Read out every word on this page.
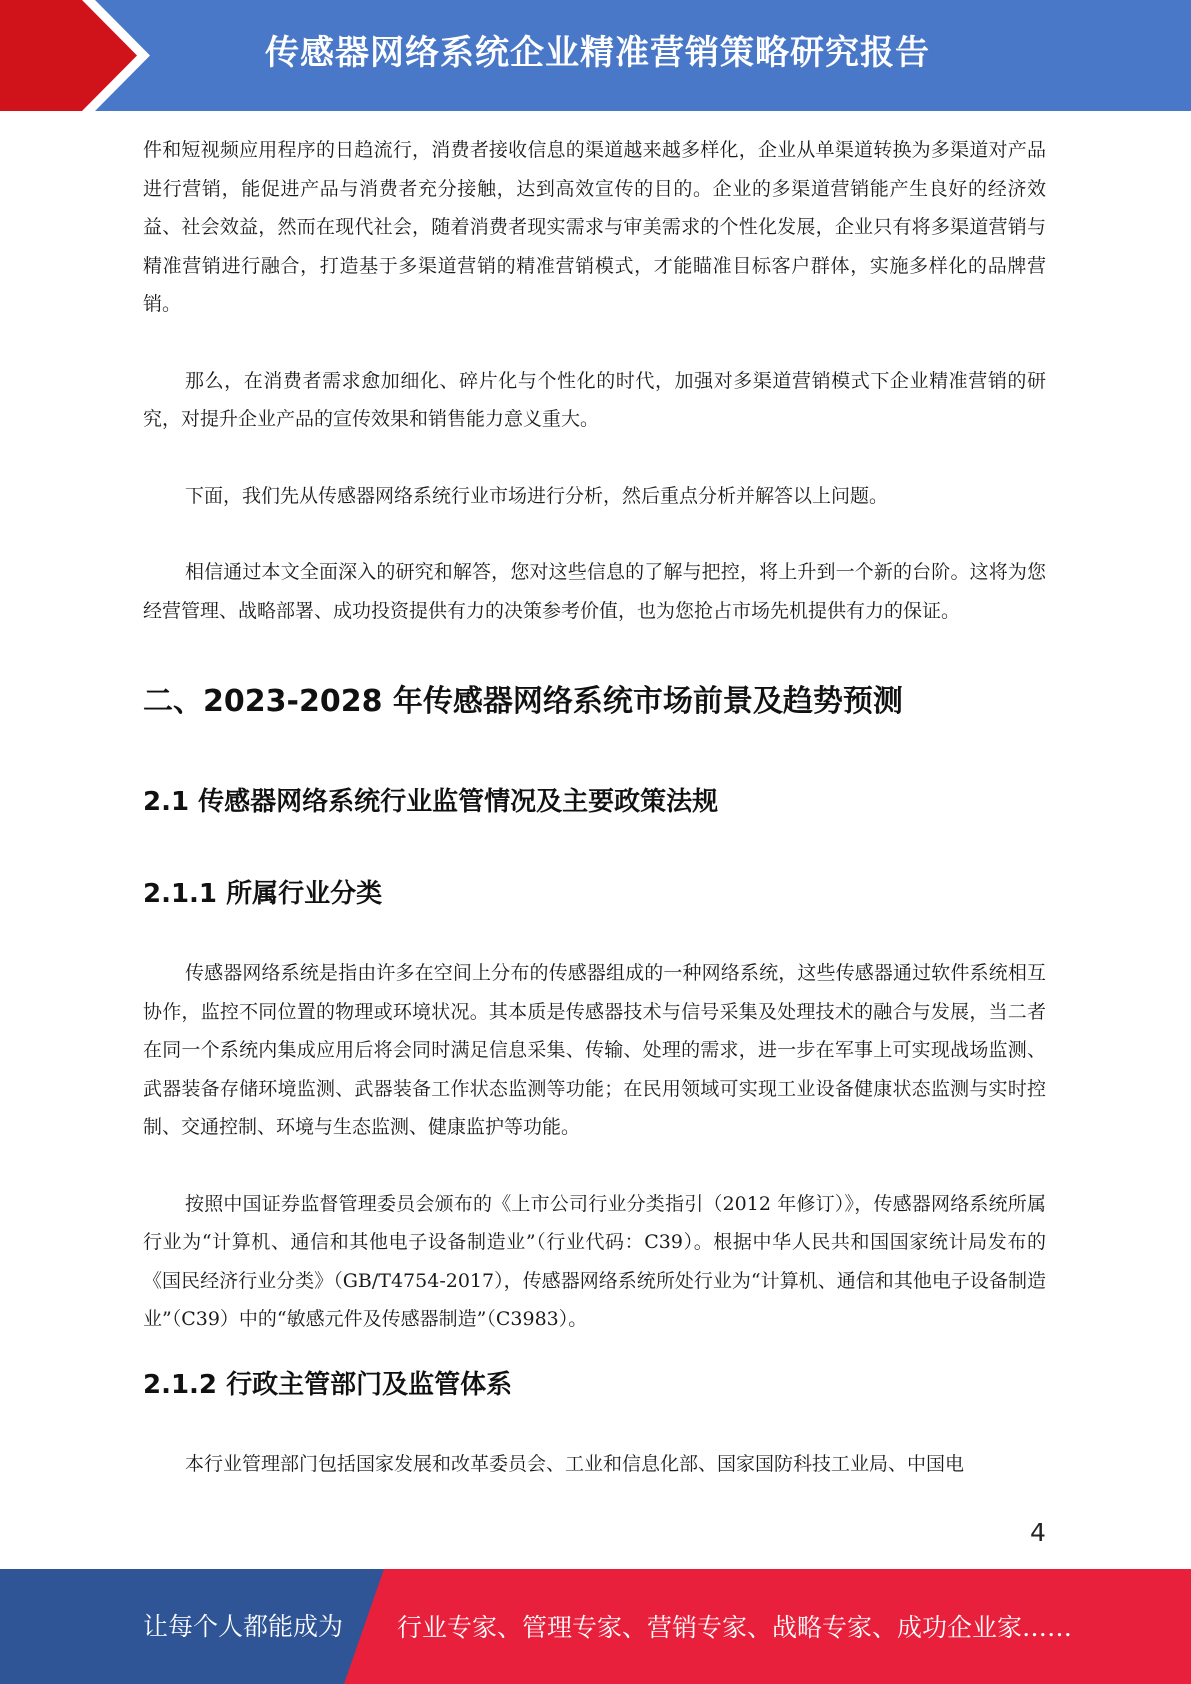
传感器网络系统企业精准营销策略研究报告

件和短视频应用程序的日趋流行，消费者接收信息的渠道越来越多样化，企业从单渠道转换为多渠道对产品进行营销，能促进产品与消费者充分接触，达到高效宣传的目的。企业的多渠道营销能产生良好的经济效益、社会效益，然而在现代社会，随着消费者现实需求与审美需求的个性化发展，企业只有将多渠道营销与精准营销进行融合，打造基于多渠道营销的精准营销模式，才能瞄准目标客户群体，实施多样化的品牌营销。

那么，在消费者需求愈加细化、碎片化与个性化的时代，加强对多渠道营销模式下企业精准营销的研究，对提升企业产品的宣传效果和销售能力意义重大。

下面，我们先从传感器网络系统行业市场进行分析，然后重点分析并解答以上问题。

相信通过本文全面深入的研究和解答，您对这些信息的了解与把控，将上升到一个新的台阶。这将为您经营管理、战略部署、成功投资提供有力的决策参考价值，也为您抢占市场先机提供有力的保证。

二、2023-2028 年传感器网络系统市场前景及趋势预测
2.1 传感器网络系统行业监管情况及主要政策法规
2.1.1 所属行业分类

传感器网络系统是指由许多在空间上分布的传感器组成的一种网络系统，这些传感器通过软件系统相互协作，监控不同位置的物理或环境状况。其本质是传感器技术与信号采集及处理技术的融合与发展，当二者在同一个系统内集成应用后将会同时满足信息采集、传输、处理的需求，进一步在军事上可实现战场监测、武器装备存储环境监测、武器装备工作状态监测等功能；在民用领域可实现工业设备健康状态监测与实时控制、交通控制、环境与生态监测、健康监护等功能。

按照中国证券监督管理委员会颁布的《上市公司行业分类指引（2012 年修订）》，传感器网络系统所属行业为“计算机、通信和其他电子设备制造业”（行业代码：C39）。根据中华人民共和国国家统计局发布的《国民经济行业分类》（GB/T4754-2017），传感器网络系统所处行业为“计算机、通信和其他电子设备制造业”（C39）中的“敏感元件及传感器制造”（C3983）。

2.1.2 行政主管部门及监管体系

本行业管理部门包括国家发展和改革委员会、工业和信息化部、国家国防科技工业局、中国电

4
让每个人都能成为 行业专家、管理专家、营销专家、战略专家、成功企业家……
